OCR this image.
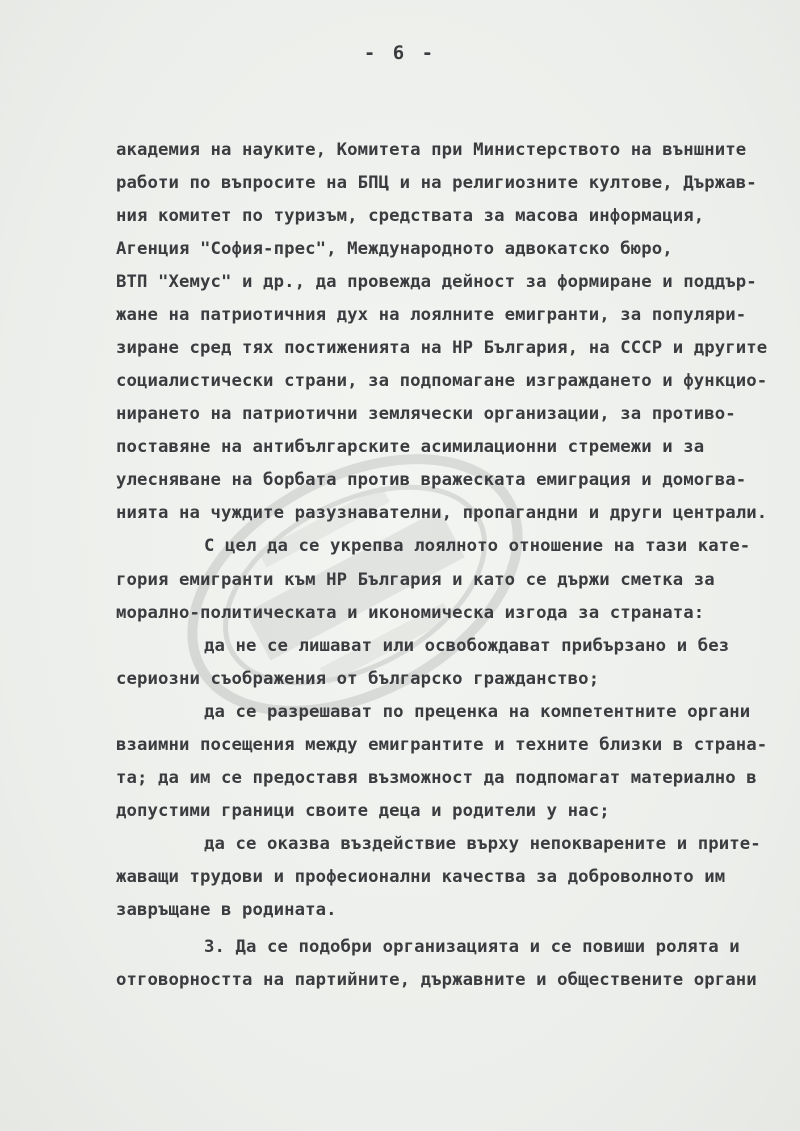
- 6 -
академия на науките, Комитета при Министерството на външните
работи по въпросите на БПЦ и на религиозните култове, Държав-
ния комитет по туризъм, средствата за масова информация,
Агенция "София-прес", Международното адвокатско бюро,
ВТП "Хемус" и др., да провежда дейност за формиране и поддър-
жане на патриотичния дух на лоялните емигранти, за популяри-
зиране сред тях постиженията на НР България, на СССР и другите
социалистически страни, за подпомагане изграждането и функцио-
нирането на патриотични землячески организации, за противо-
поставяне на антибългарските асимилационни стремежи и за
улесняване на борбата против вражеската емиграция и домогва-
нията на чуждите разузнавателни, пропагандни и други централи.
С цел да се укрепва лоялното отношение на тази кате-
гория емигранти към НР България и като се държи сметка за
морално-политическата и икономическа изгода за страната:
да не се лишават или освобождават прибързано и без
сериозни съображения от българско гражданство;
да се разрешават по преценка на компетентните органи
взаимни посещения между емигрантите и техните близки в страна-
та; да им се предоставя възможност да подпомагат материално в
допустими граници своите деца и родители у нас;
да се оказва въздействие върху непокварените и прите-
жаващи трудови и професионални качества за доброволното им
завръщане в родината.
3. Да се подобри организацията и се повиши ролята и
отговорността на партийните, държавните и обществените органи
